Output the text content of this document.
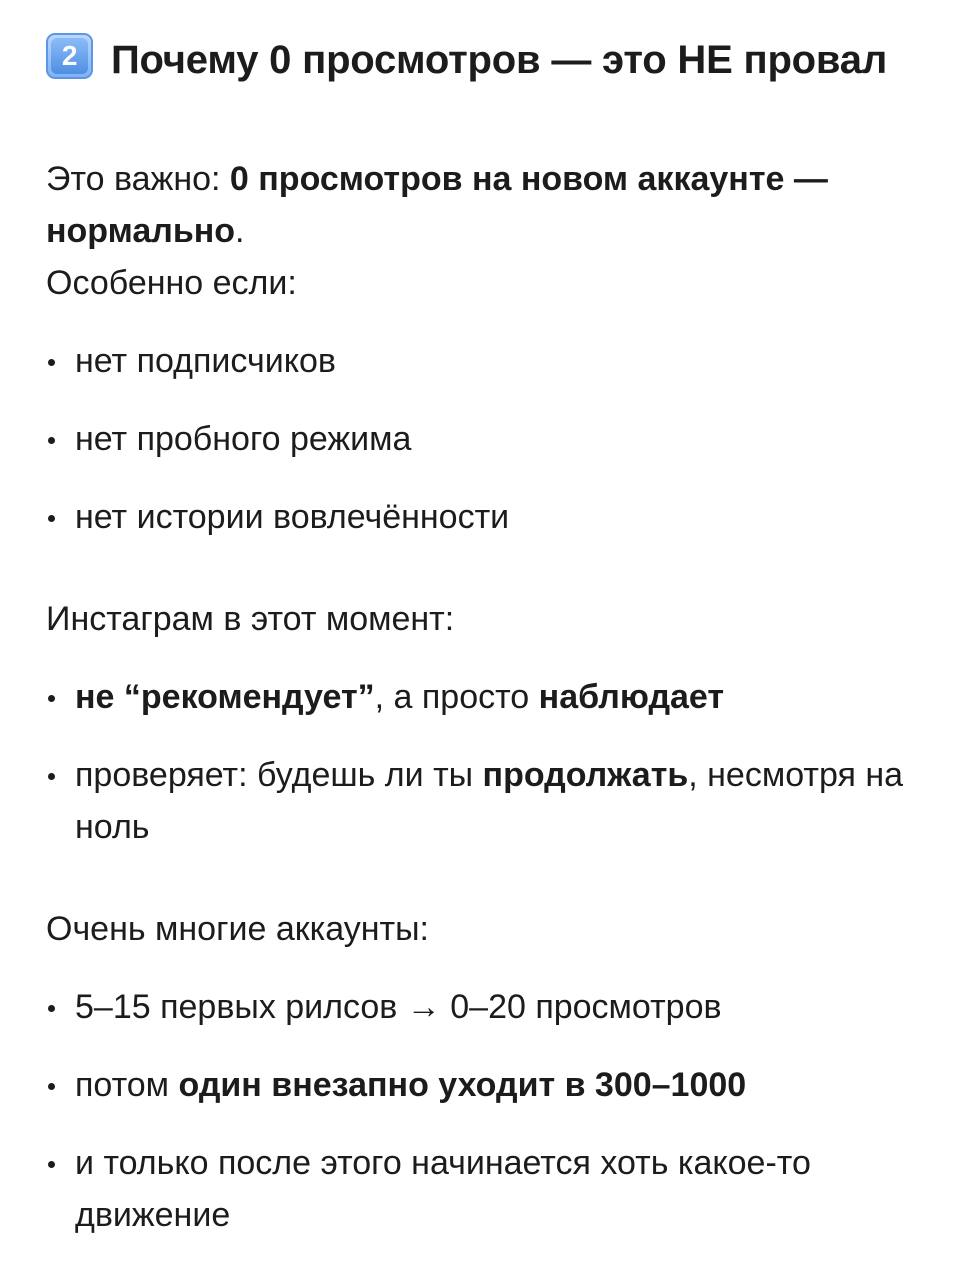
2 Почему 0 просмотров — это НЕ провал

Это важно: 0 просмотров на новом аккаунте — нормально.
Особенно если:

нет подписчиков
нет пробного режима
нет истории вовлечённости

Инстаграм в этот момент:

не “рекомендует”, а просто наблюдает
проверяет: будешь ли ты продолжать, несмотря на ноль

Очень многие аккаунты:

5–15 первых рилсов → 0–20 просмотров
потом один внезапно уходит в 300–1000
и только после этого начинается хоть какое-то движение
